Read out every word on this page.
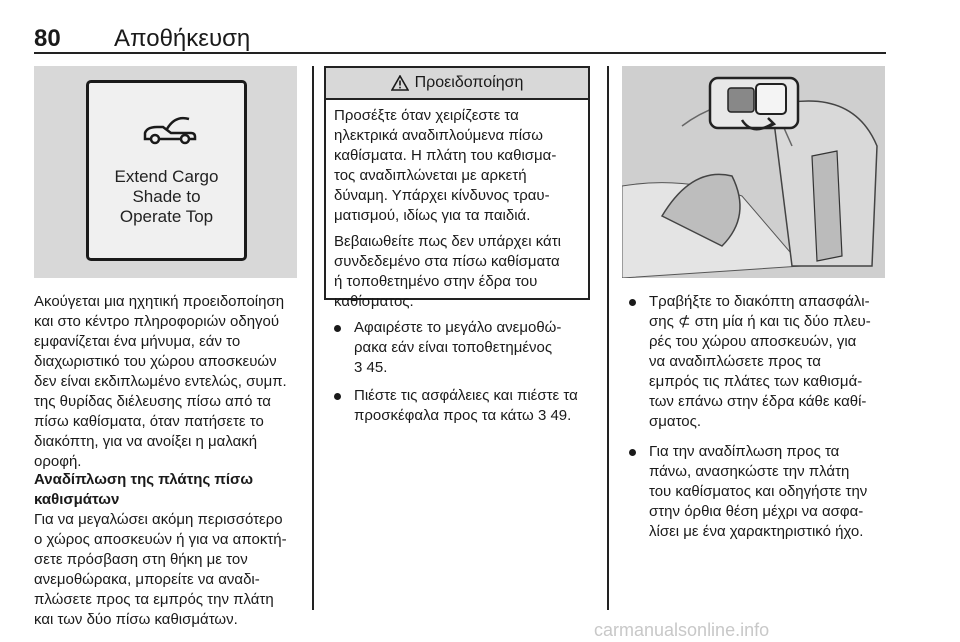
80 Αποθήκευση
Extend Cargo
Shade to
Operate Top

Ακούγεται μια ηχητική προειδοποίηση
και στο κέντρο πληροφοριών οδηγού
εμφανίζεται ένα μήνυμα, εάν το
διαχωριστικό του χώρου αποσκευών
δεν είναι εκδιπλωμένο εντελώς, συμπ.
της θυρίδας διέλευσης πίσω από τα
πίσω καθίσματα, όταν πατήσετε το
διακόπτη, για να ανοίξει η μαλακή
οροφή.

Αναδίπλωση της πλάτης πίσω
καθισμάτων

Για να μεγαλώσει ακόμη περισσότερο
ο χώρος αποσκευών ή για να αποκτή-
σετε πρόσβαση στη θήκη με τον
ανεμοθώρακα, μπορείτε να αναδι-
πλώσετε προς τα εμπρός την πλάτη
και των δύο πίσω καθισμάτων.

Προειδοποίηση

Προσέξτε όταν χειρίζεστε τα
ηλεκτρικά αναδιπλούμενα πίσω
καθίσματα. Η πλάτη του καθισμα-
τος αναδιπλώνεται με αρκετή
δύναμη. Υπάρχει κίνδυνος τραυ-
ματισμού, ιδίως για τα παιδιά.

Βεβαιωθείτε πως δεν υπάρχει κάτι
συνδεδεμένο στα πίσω καθίσματα
ή τοποθετημένο στην έδρα του
καθίσματος.

Αφαιρέστε το μεγάλο ανεμοθώ-
ρακα εάν είναι τοποθετημένος
3 45.
Πιέστε τις ασφάλειες και πιέστε τα
προσκέφαλα προς τα κάτω 3 49.
Τραβήξτε το διακόπτη απασφάλι-
σης ⊄ στη μία ή και τις δύο πλευ-
ρές του χώρου αποσκευών, για
να αναδιπλώσετε προς τα
εμπρός τις πλάτες των καθισμά-
των επάνω στην έδρα κάθε καθί-
σματος.
Για την αναδίπλωση προς τα
πάνω, ανασηκώστε την πλάτη
του καθίσματος και οδηγήστε την
στην όρθια θέση μέχρι να ασφα-
λίσει με ένα χαρακτηριστικό ήχο.
carmanualsonline.info
